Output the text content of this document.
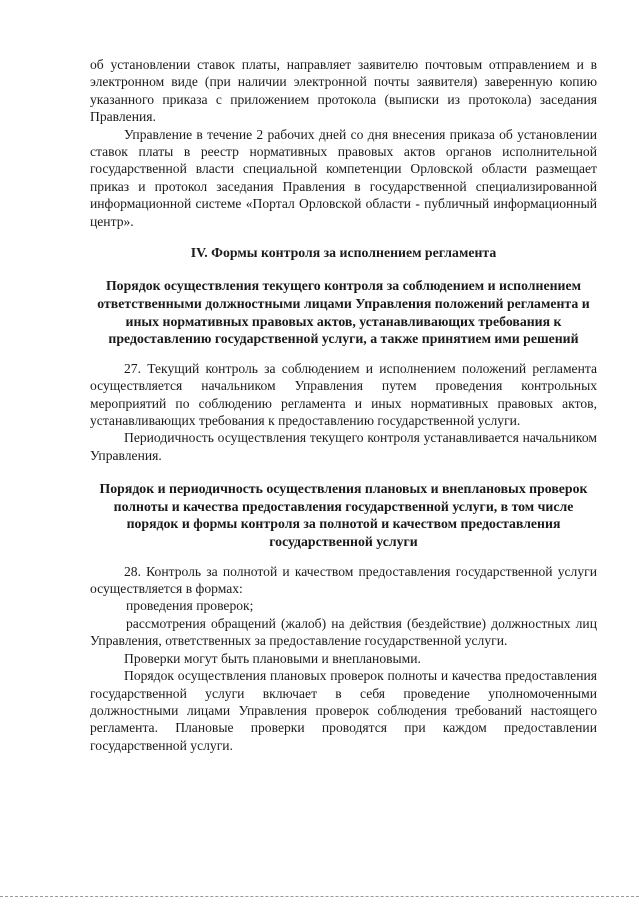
об установлении ставок платы, направляет заявителю почтовым отправлением и в электронном виде (при наличии электронной почты заявителя) заверенную копию указанного приказа с приложением протокола (выписки из протокола) заседания Правления.

Управление в течение 2 рабочих дней со дня внесения приказа об установлении ставок платы в реестр нормативных правовых актов органов исполнительной государственной власти специальной компетенции Орловской области размещает приказ и протокол заседания Правления в государственной специализированной информационной системе «Портал Орловской области - публичный информационный центр».

IV. Формы контроля за исполнением регламента

Порядок осуществления текущего контроля за соблюдением и исполнением ответственными должностными лицами Управления положений регламента и иных нормативных правовых актов, устанавливающих требования к предоставлению государственной услуги, а также принятием ими решений

27. Текущий контроль за соблюдением и исполнением положений регламента осуществляется начальником Управления путем проведения контрольных мероприятий по соблюдению регламента и иных нормативных правовых актов, устанавливающих требования к предоставлению государственной услуги.

Периодичность осуществления текущего контроля устанавливается начальником Управления.

Порядок и периодичность осуществления плановых и внеплановых проверок полноты и качества предоставления государственной услуги, в том числе порядок и формы контроля за полнотой и качеством предоставления государственной услуги

28. Контроль за полнотой и качеством предоставления государственной услуги осуществляется в формах:

проведения проверок;

рассмотрения обращений (жалоб) на действия (бездействие) должностных лиц Управления, ответственных за предоставление государственной услуги.

Проверки могут быть плановыми и внеплановыми.

Порядок осуществления плановых проверок полноты и качества предоставления государственной услуги включает в себя проведение уполномоченными должностными лицами Управления проверок соблюдения требований настоящего регламента. Плановые проверки проводятся при каждом предоставлении государственной услуги.
